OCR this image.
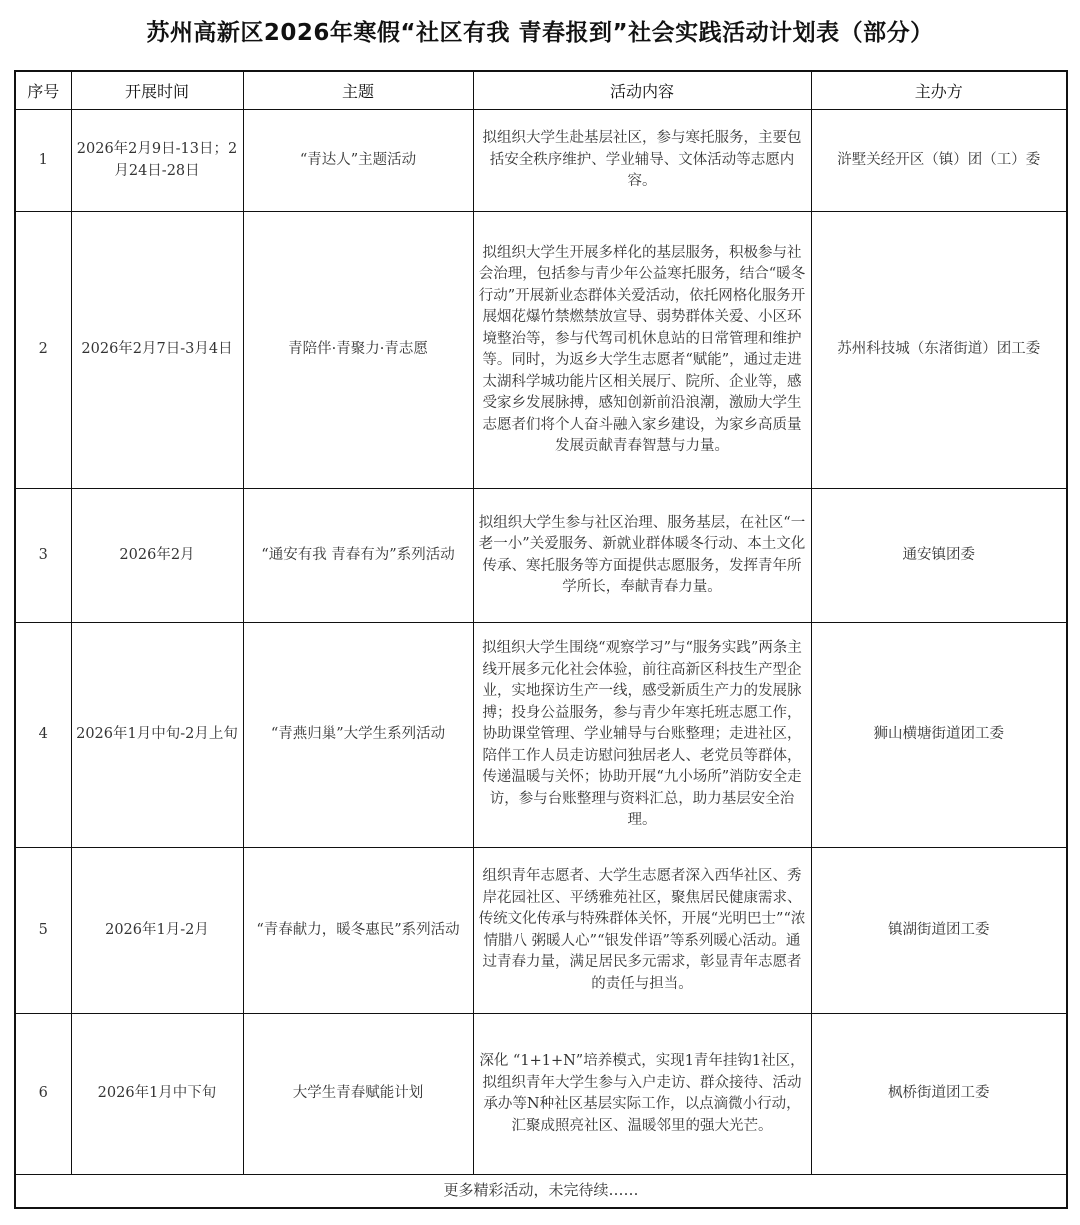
苏州高新区2026年寒假“社区有我 青春报到”社会实践活动计划表（部分）
序号	开展时间	主题	活动内容	主办方
1	2026年2月9日-13日；2月24日-28日	“青达人”主题活动	拟组织大学生赴基层社区，参与寒托服务，主要包括安全秩序维护、学业辅导、文体活动等志愿内容。	浒墅关经开区（镇）团（工）委
2	2026年2月7日-3月4日	青陪伴·青聚力·青志愿	拟组织大学生开展多样化的基层服务，积极参与社会治理，包括参与青少年公益寒托服务，结合“暖冬行动”开展新业态群体关爱活动，依托网格化服务开展烟花爆竹禁燃禁放宣导、弱势群体关爱、小区环境整治等，参与代驾司机休息站的日常管理和维护等。同时，为返乡大学生志愿者“赋能”，通过走进太湖科学城功能片区相关展厅、院所、企业等，感受家乡发展脉搏，感知创新前沿浪潮，激励大学生志愿者们将个人奋斗融入家乡建设，为家乡高质量发展贡献青春智慧与力量。	苏州科技城（东渚街道）团工委
3	2026年2月	“通安有我 青春有为”系列活动	拟组织大学生参与社区治理、服务基层，在社区“一老一小”关爱服务、新就业群体暖冬行动、本土文化传承、寒托服务等方面提供志愿服务，发挥青年所学所长，奉献青春力量。	通安镇团委
4	2026年1月中旬-2月上旬	“青燕归巢”大学生系列活动	拟组织大学生围绕“观察学习”与“服务实践”两条主线开展多元化社会体验，前往高新区科技生产型企业，实地探访生产一线，感受新质生产力的发展脉搏；投身公益服务，参与青少年寒托班志愿工作，协助课堂管理、学业辅导与台账整理；走进社区，陪伴工作人员走访慰问独居老人、老党员等群体，传递温暖与关怀；协助开展“九小场所”消防安全走访，参与台账整理与资料汇总，助力基层安全治理。	狮山横塘街道团工委
5	2026年1月-2月	“青春献力，暖冬惠民”系列活动	组织青年志愿者、大学生志愿者深入西华社区、秀岸花园社区、平绣雅苑社区，聚焦居民健康需求、传统文化传承与特殊群体关怀，开展“光明巴士”“浓情腊八 粥暖人心”“银发伴语”等系列暖心活动。通过青春力量，满足居民多元需求，彰显青年志愿者的责任与担当。	镇湖街道团工委
6	2026年1月中下旬	大学生青春赋能计划	深化 “1+1+N”培养模式，实现1青年挂钩1社区，拟组织青年大学生参与入户走访、群众接待、活动承办等N种社区基层实际工作，以点滴微小行动，汇聚成照亮社区、温暖邻里的强大光芒。	枫桥街道团工委
更多精彩活动，未完待续……				
